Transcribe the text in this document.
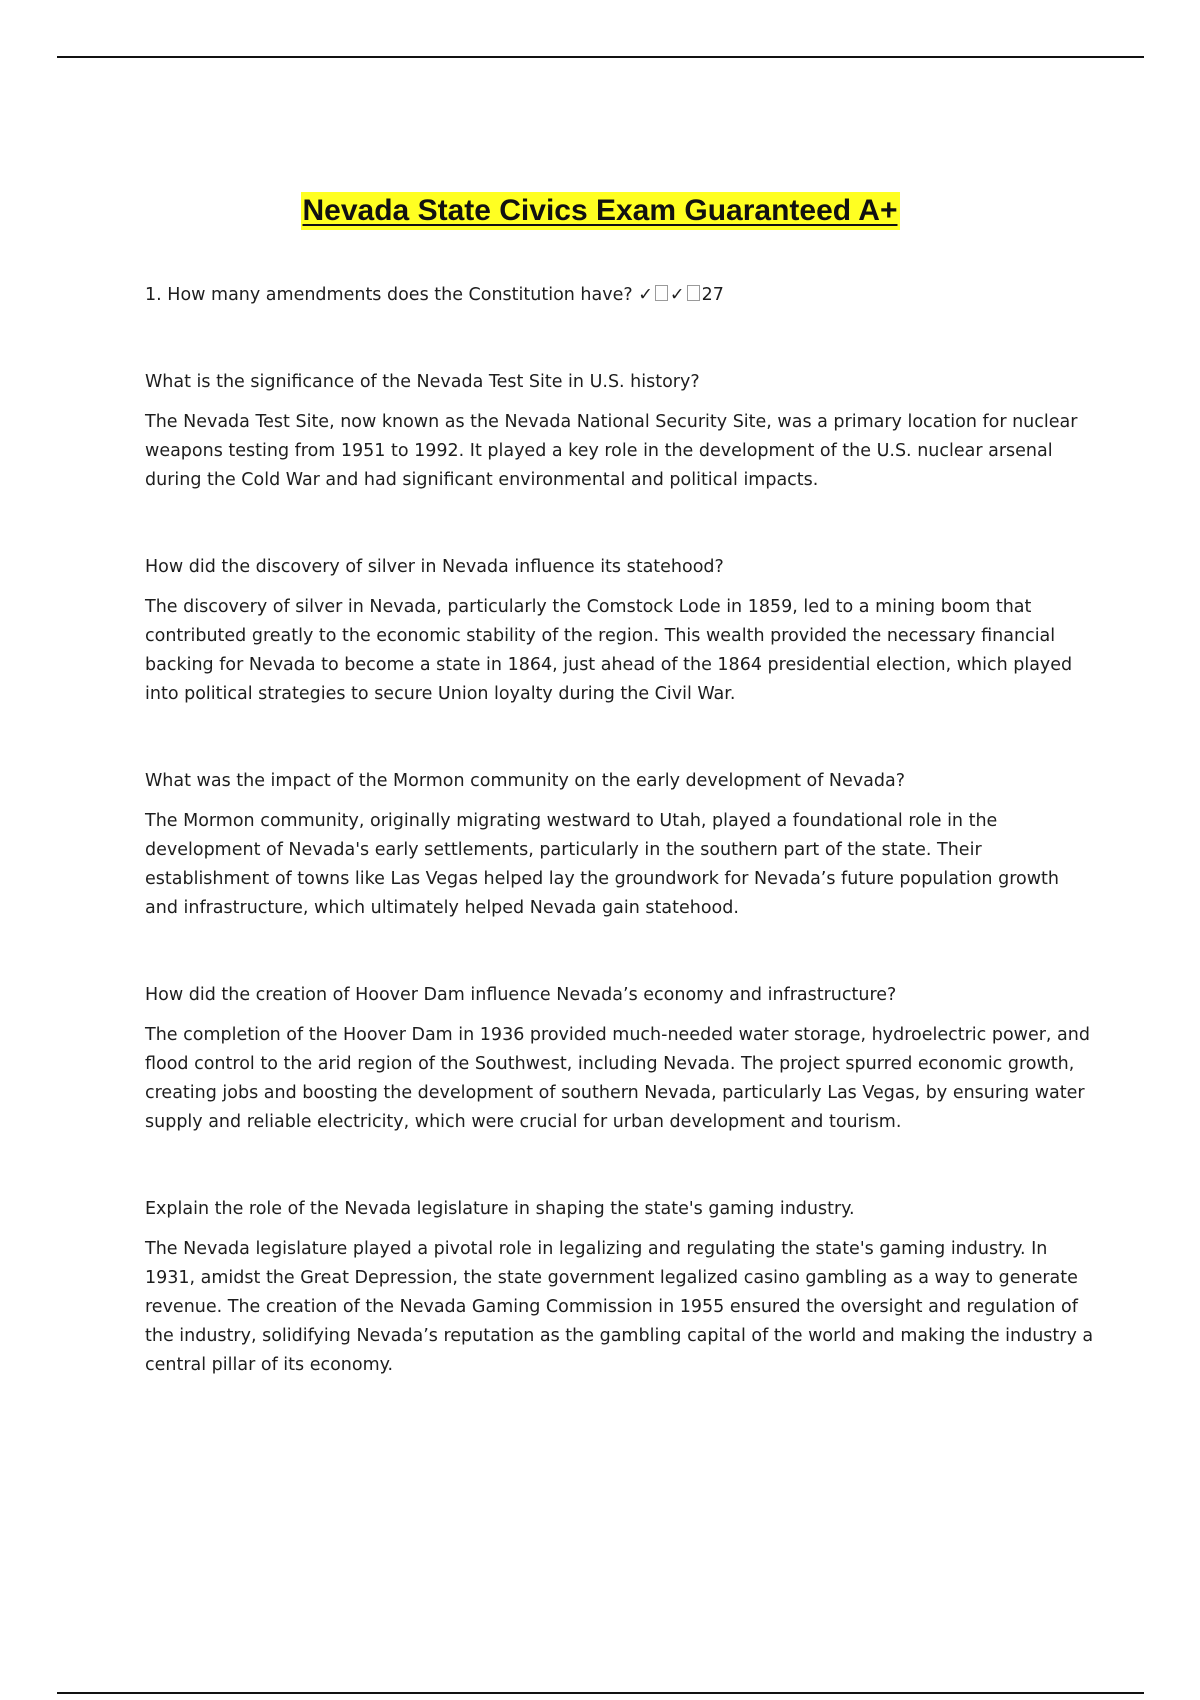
Nevada State Civics Exam Guaranteed A+

1. How many amendments does the Constitution have? ✓ ✓ 27

What is the significance of the Nevada Test Site in U.S. history?

The Nevada Test Site, now known as the Nevada National Security Site, was a primary location for nuclear weapons testing from 1951 to 1992. It played a key role in the development of the U.S. nuclear arsenal during the Cold War and had significant environmental and political impacts.

How did the discovery of silver in Nevada influence its statehood?

The discovery of silver in Nevada, particularly the Comstock Lode in 1859, led to a mining boom that contributed greatly to the economic stability of the region. This wealth provided the necessary financial backing for Nevada to become a state in 1864, just ahead of the 1864 presidential election, which played into political strategies to secure Union loyalty during the Civil War.

What was the impact of the Mormon community on the early development of Nevada?

The Mormon community, originally migrating westward to Utah, played a foundational role in the development of Nevada's early settlements, particularly in the southern part of the state. Their establishment of towns like Las Vegas helped lay the groundwork for Nevada’s future population growth and infrastructure, which ultimately helped Nevada gain statehood.

How did the creation of Hoover Dam influence Nevada’s economy and infrastructure?

The completion of the Hoover Dam in 1936 provided much-needed water storage, hydroelectric power, and flood control to the arid region of the Southwest, including Nevada. The project spurred economic growth, creating jobs and boosting the development of southern Nevada, particularly Las Vegas, by ensuring water supply and reliable electricity, which were crucial for urban development and tourism.

Explain the role of the Nevada legislature in shaping the state's gaming industry.

The Nevada legislature played a pivotal role in legalizing and regulating the state's gaming industry. In 1931, amidst the Great Depression, the state government legalized casino gambling as a way to generate revenue. The creation of the Nevada Gaming Commission in 1955 ensured the oversight and regulation of the industry, solidifying Nevada’s reputation as the gambling capital of the world and making the industry a central pillar of its economy.
